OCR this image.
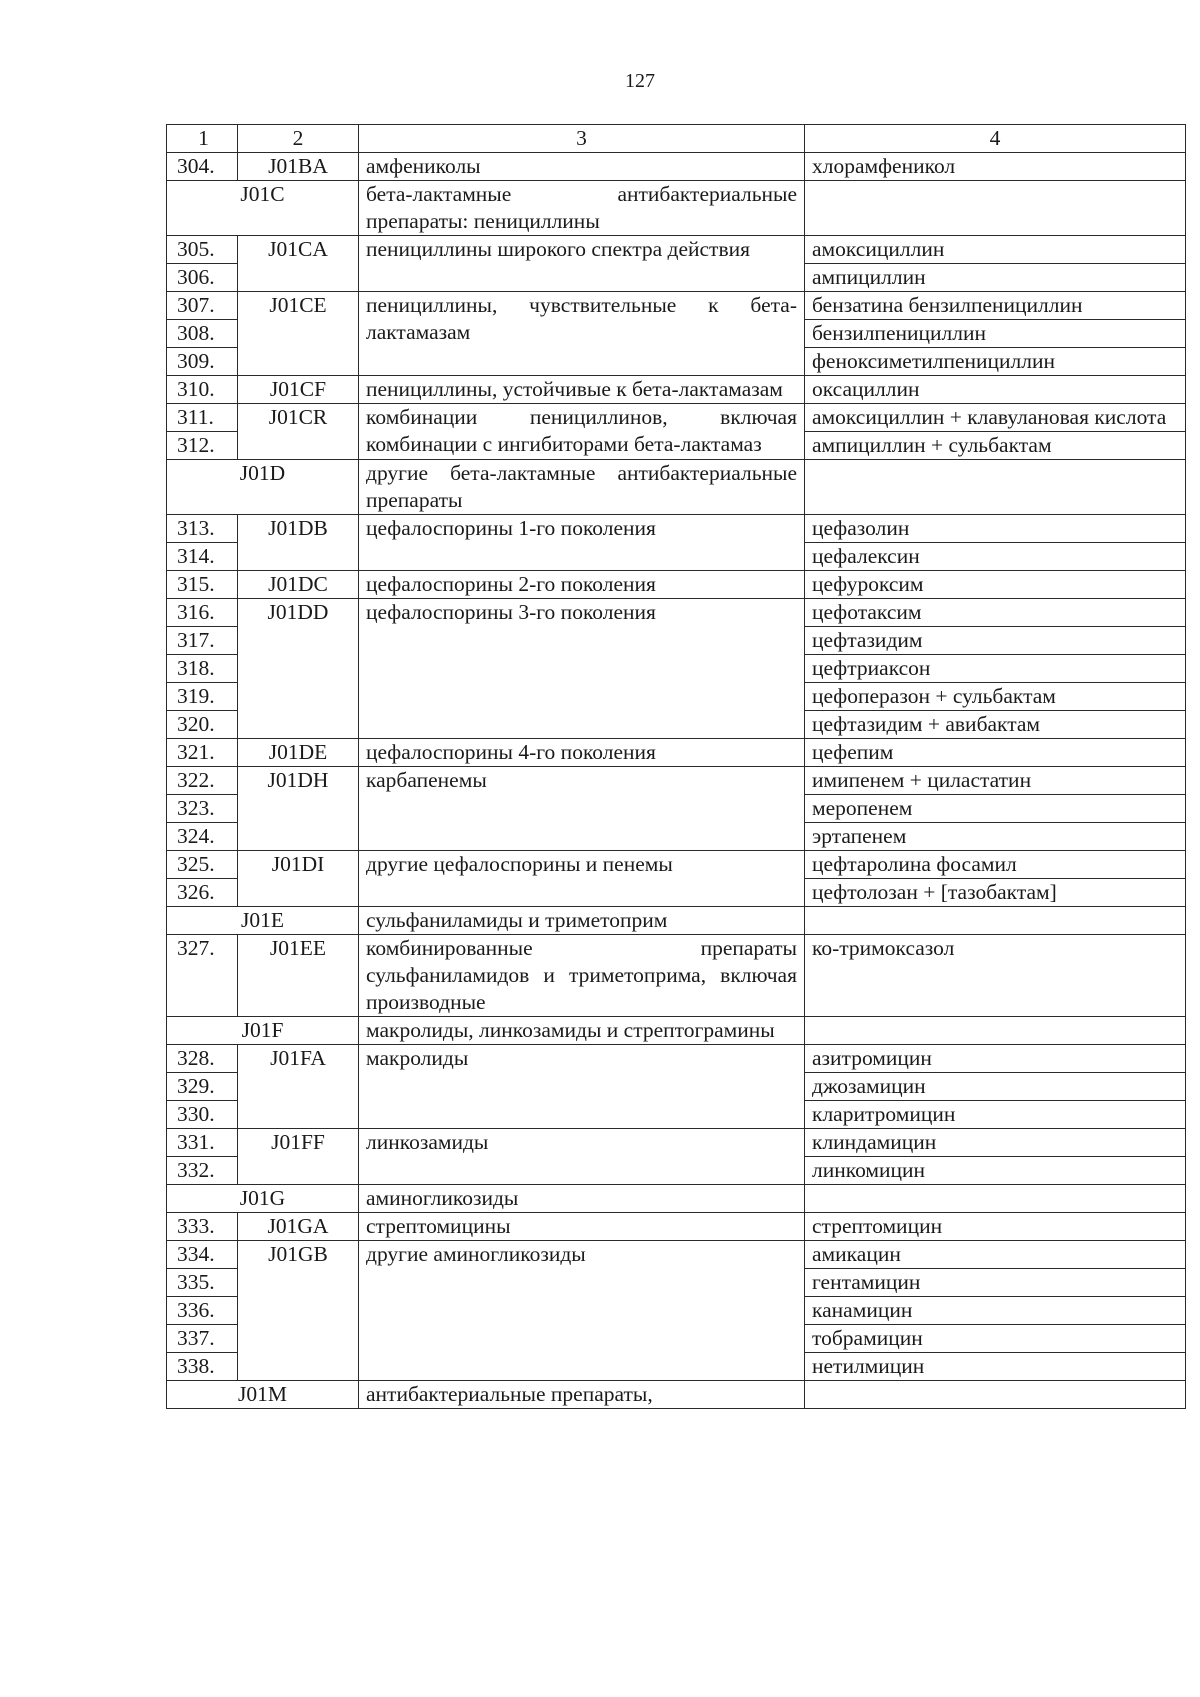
127
1	2	3	4
304.	J01BA	амфениколы	хлорамфеникол
J01C		бета-лактамные антибактериальные препараты: пенициллины	
305.	J01CA	пенициллины широкого спектра действия	амоксициллин
306.			ампициллин
307.	J01CE	пенициллины, чувствительные к бета-лактамазам	бензатина бензилпенициллин
308.			бензилпенициллин
309.			феноксиметилпенициллин
310.	J01CF	пенициллины, устойчивые к бета-лактамазам	оксациллин
311.	J01CR	комбинации пенициллинов, включая комбинации с ингибиторами бета-лактамаз	амоксициллин + клавулановая кислота
312.			ампициллин + сульбактам
J01D		другие бета-лактамные антибактериальные препараты	
313.	J01DB	цефалоспорины 1-го поколения	цефазолин
314.			цефалексин
315.	J01DC	цефалоспорины 2-го поколения	цефуроксим
316.	J01DD	цефалоспорины 3-го поколения	цефотаксим
317.			цефтазидим
318.			цефтриаксон
319.			цефоперазон + сульбактам
320.			цефтазидим + авибактам
321.	J01DE	цефалоспорины 4-го поколения	цефепим
322.	J01DH	карбапенемы	имипенем + циластатин
323.			меропенем
324.			эртапенем
325.	J01DI	другие цефалоспорины и пенемы	цефтаролина фосамил
326.			цефтолозан + [тазобактам]
J01E		сульфаниламиды и триметоприм	
327.	J01EE	комбинированные препараты сульфаниламидов и триметоприма, включая производные	ко-тримоксазол
J01F		макролиды, линкозамиды и стрептограмины	
328.	J01FA	макролиды	азитромицин
329.			джозамицин
330.			кларитромицин
331.	J01FF	линкозамиды	клиндамицин
332.			линкомицин
J01G		аминогликозиды	
333.	J01GA	стрептомицины	стрептомицин
334.	J01GB	другие аминогликозиды	амикацин
335.			гентамицин
336.			канамицин
337.			тобрамицин
338.			нетилмицин
J01M		антибактериальные препараты,	
